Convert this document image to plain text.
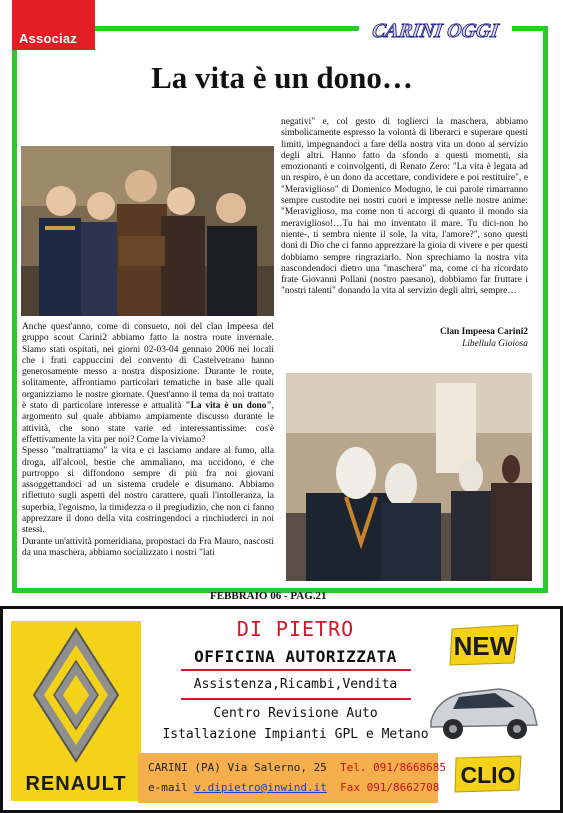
Associaz	CARINI OGGI
La vita è un dono…

Anche quest'anno, come di consueto, noi del clan Impeesa del gruppo scout Carini2 abbiamo fatto la nostra route invernale. Siamo stati ospitati, nei giorni 02-03-04 gennaio 2006 nei locali che i frati cappuccini del convento di Castelvetrano hanno generosamente messo a nostra disposizione. Durante le route, solitamente, affrontiamo particolari tematiche in base alle quali organizziamo le nostre giornate. Quest'anno il tema da noi trattato è stato di particolare interesse e attualità "La vita è un dono", argomento sul quale abbiamo ampiamente discusso durante le attività, che sono state varie ed interessantissime: cos'è effettivamente la vita per noi? Come la viviamo?

Spesso "maltrattiamo" la vita e ci lasciamo andare al fumo, alla droga, all'alcool, bestie che ammaliano, ma uccidono, e che purtroppo si diffondono sempre di più fra noi giovani assoggettandoci ad un sistema crudele e disumano. Abbiamo riflettuto sugli aspetti del nostro carattere, quali l'intolleranza, la superbia, l'egoismo, la timidezza o il pregiudizio, che non ci fanno apprezzare il dono della vita costringendoci a rinchiuderci in noi stessi.

Durante un'attività pomeridiana, propostaci da Fra Mauro, nascosti da una maschera, abbiamo socializzato i nostri "lati

negativi" e, col gesto di toglierci la maschera, abbiamo simbolicamente espresso la volontà di liberarci e superare questi limiti, impegnandoci a fare della nostra vita un dono al servizio degli altri. Hanno fatto da sfondo a questi momenti, sia emozionanti e coinvolgenti, di Renato Zero: "La vita è legata ad un respiro, è un dono da accettare, condividere e poi restituire", e "Meraviglioso" di Domenico Modugno, le cui parole rimarranno sempre custodite nei nostri cuori e impresse nelle nostre anime: "Meraviglioso, ma come non ti accorgi di quanto il mondo sia meraviglioso!…Tu hai mo inventato il mare. Tu dici-non ho niente-, ti sembra niente il sole, la vita, l'amore?", sono questi doni di Dio che ci fanno apprezzare la gioia di vivere e per questi dobbiamo sempre ringraziarlo. Non sprechiamo la nostra vita nascondendoci dietro una "maschera" ma, come ci ha ricordato frate Giovanni Pollani (nostro paesano), dobbiamo far fruttare i "nostri talenti" donando la vita al servizio degli altri, sempre…

Clan Impeesa Carini2
Libellula Gioiosa
FEBBRAIO 06 - PAG.21
RENAULT
DI PIETRO
OFFICINA AUTORIZZATA
Assistenza,Ricambi,Vendita
Centro Revisione Auto
Istallazione Impianti GPL e Metano
CARINI (PA) Via Salerno, 25 Tel. 091/8668685
e-mail v.dipietro@inwind.it Fax 091/8662708
NEW
CLIO
